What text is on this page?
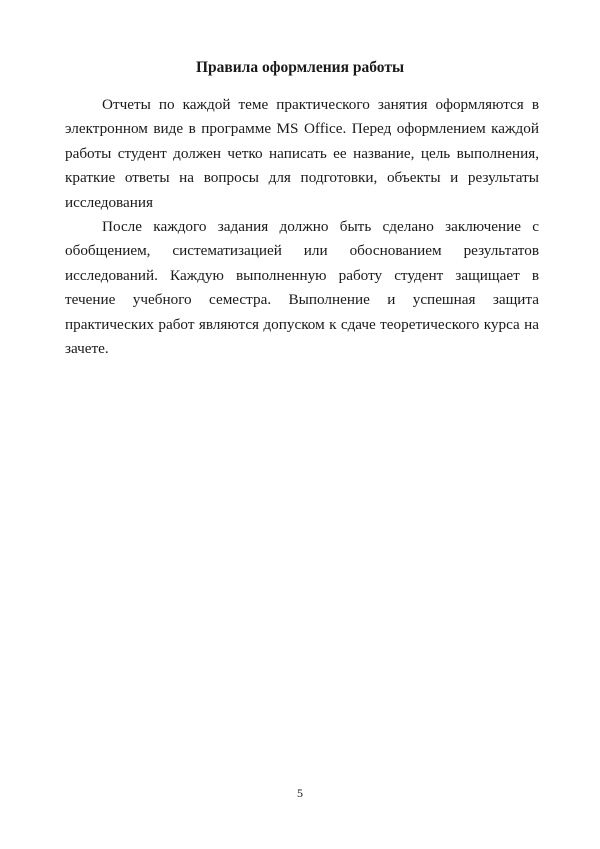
Правила оформления работы

Отчеты по каждой теме практического занятия оформляются в электронном виде в программе MS Office. Перед оформлением каждой работы студент должен четко написать ее название, цель выполнения, краткие ответы на вопросы для подготовки, объекты и результаты исследования

После каждого задания должно быть сделано заключение с обобщением, систематизацией или обоснованием результатов исследований. Каждую выполненную работу студент защищает в течение учебного семестра. Выполнение и успешная защита практических работ являются допуском к сдаче теоретического курса на зачете.

5
